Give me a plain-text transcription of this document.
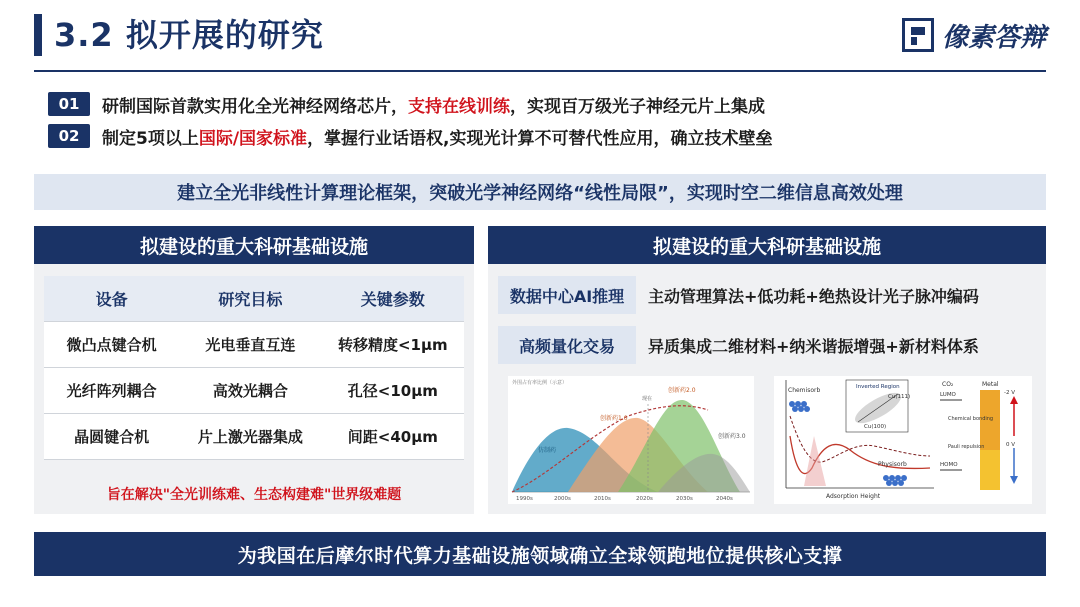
3.2 拟开展的研究	像素答辩
01	研制国际首款实用化全光神经网络芯片，支持在线训练，实现百万级光子神经元片上集成
02	制定5项以上国际/国家标准，掌握行业话语权,实现光计算不可替代性应用，确立技术壁垒
建立全光非线性计算理论框架，突破光学神经网络“线性局限”，实现时空二维信息高效处理
拟建设的重大科研基础设施
设备	研究目标	关键参数
微凸点键合机	光电垂直互连	转移精度<1μm
光纤阵列耦合	高效光耦合	孔径<10μm
晶圆键合机	片上激光器集成	间距<40μm
旨在解决"全光训练难、生态构建难"世界级难题
拟建设的重大科研基础设施
数据中心AI推理	主动管理算法+低功耗+绝热设计光子脉冲编码
高频量化交易	异质集成二维材料+纳米谐振增强+新材料体系
外围占有率比例（示意）
仿制药
创新药1.0
创新药2.0
创新药3.0
现在
1990s	2000s	2010s	2020s	2030s	2040s	Adsorption Height
Chemisorb	Inverted Region
Cu(111)
Cu(100)
Physisorb
Metal
CO₂
LUMO
HOMO
Chemical bonding
Pauli repulsion
-2 V
0 V
为我国在后摩尔时代算力基础设施领域确立全球领跑地位提供核心支撑
